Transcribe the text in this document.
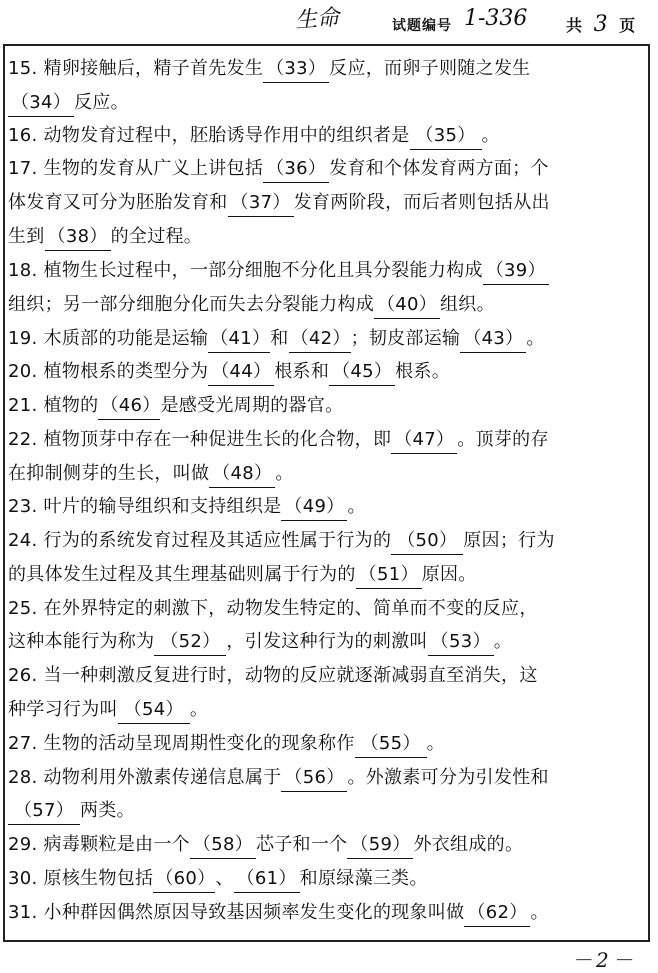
生命	试题编号 1-336 共 3 页
15. 精卵接触后，精子首先发生 （33） 反应，而卵子则随之发生
（34） 反应。
16. 动物发育过程中，胚胎诱导作用中的组织者是 （35） 。
17. 生物的发育从广义上讲包括 （36） 发育和个体发育两方面；个
体发育又可分为胚胎发育和 （37） 发育两阶段，而后者则包括从出
生到 （38） 的全过程。
18. 植物生长过程中，一部分细胞不分化且具分裂能力构成 （39）
组织；另一部分细胞分化而失去分裂能力构成 （40） 组织。
19. 木质部的功能是运输 （41）和 （42）；韧皮部运输 （43） 。
20. 植物根系的类型分为 （44） 根系和 （45） 根系。
21. 植物的 （46）是感受光周期的器官。
22. 植物顶芽中存在一种促进生长的化合物，即 （47） 。顶芽的存
在抑制侧芽的生长，叫做 （48） 。
23. 叶片的输导组织和支持组织是 （49） 。
24. 行为的系统发育过程及其适应性属于行为的 （50） 原因；行为
的具体发生过程及其生理基础则属于行为的 （51） 原因。
25. 在外界特定的刺激下，动物发生特定的、简单而不变的反应，
这种本能行为称为 （52） ，引发这种行为的刺激叫 （53） 。
26. 当一种刺激反复进行时，动物的反应就逐渐减弱直至消失，这
种学习行为叫 （54） 。
27. 生物的活动呈现周期性变化的现象称作 （55） 。
28. 动物利用外激素传递信息属于 （56） 。外激素可分为引发性和
（57） 两类。
29. 病毒颗粒是由一个 （58） 芯子和一个 （59） 外衣组成的。
30. 原核生物包括 （60）、 （61） 和原绿藻三类。
31. 小种群因偶然原因导致基因频率发生变化的现象叫做 （62） 。
－2－
